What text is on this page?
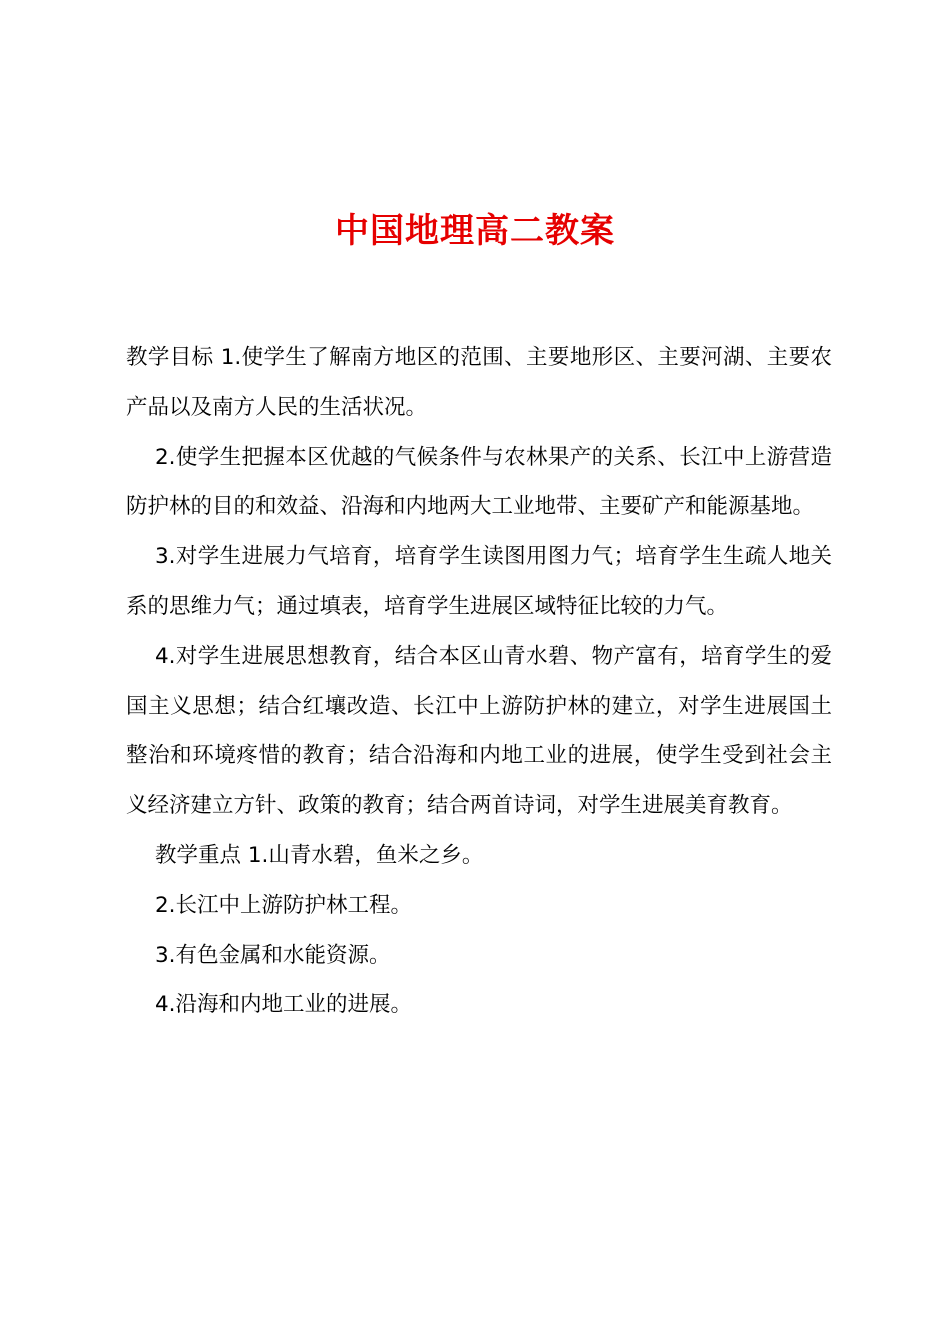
中国地理高二教案

教学目标 1.使学生了解南方地区的范围、主要地形区、主要河湖、主要农产品以及南方人民的生活状况。

2.使学生把握本区优越的气候条件与农林果产的关系、长江中上游营造防护林的目的和效益、沿海和内地两大工业地带、主要矿产和能源基地。

3.对学生进展力气培育，培育学生读图用图力气；培育学生生疏人地关系的思维力气；通过填表，培育学生进展区域特征比较的力气。

4.对学生进展思想教育，结合本区山青水碧、物产富有，培育学生的爱国主义思想；结合红壤改造、长江中上游防护林的建立，对学生进展国土整治和环境疼惜的教育；结合沿海和内地工业的进展，使学生受到社会主义经济建立方针、政策的教育；结合两首诗词，对学生进展美育教育。

教学重点 1.山青水碧，鱼米之乡。

2.长江中上游防护林工程。

3.有色金属和水能资源。

4.沿海和内地工业的进展。
